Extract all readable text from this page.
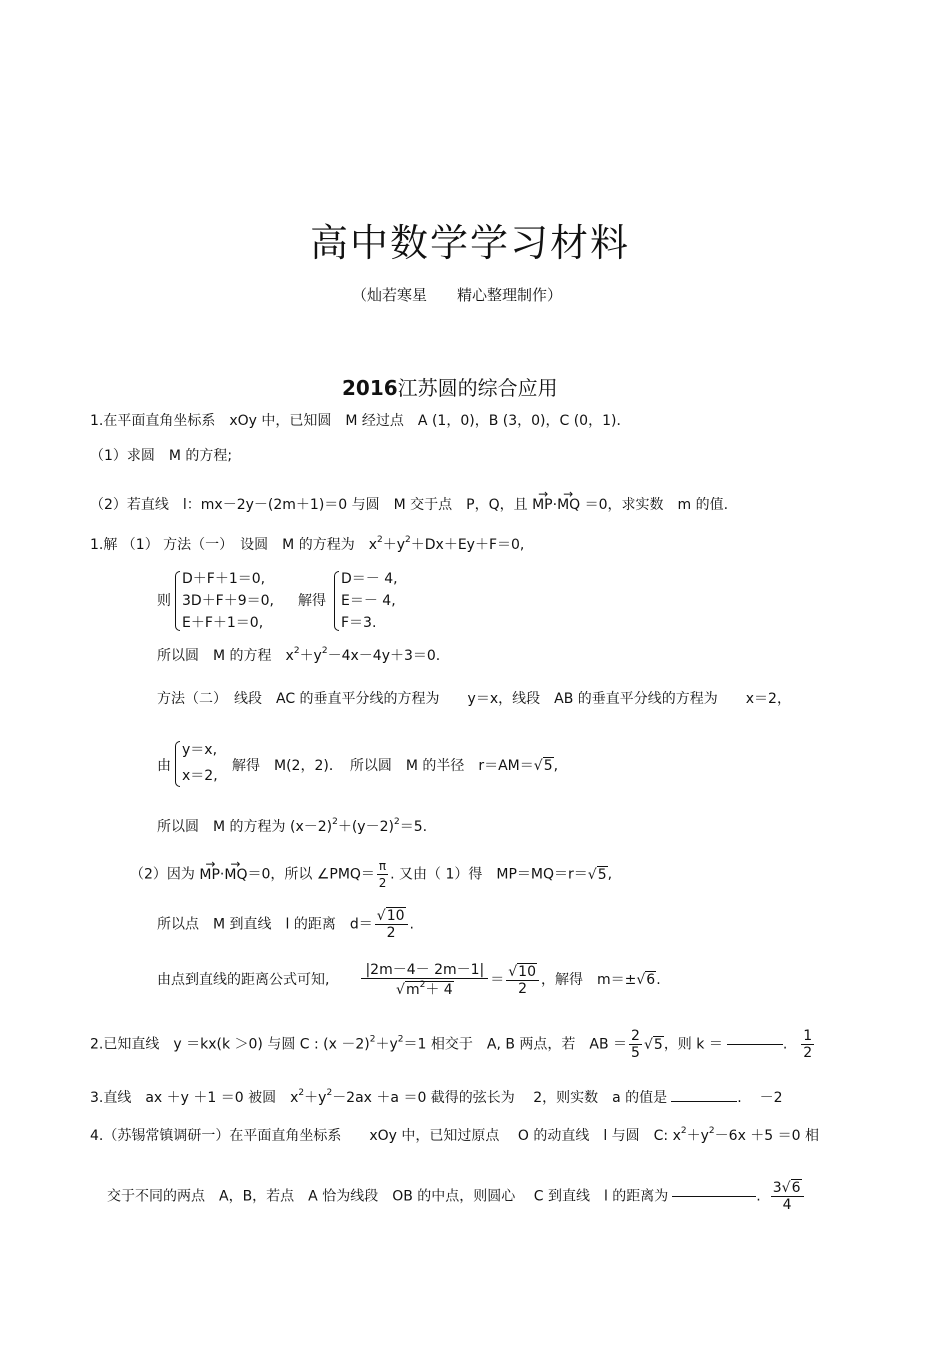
高中数学学习材料
（灿若寒星　　精心整理制作）
2016江苏圆的综合应用
1.在平面直角坐标系　xOy 中，已知圆　M 经过点　A (1，0)，B (3，0)，C (0，1)．
（1）求圆　M 的方程;
（2）若直线　l：mx－2y－(2m＋1)＝0 与圆　M 交于点　P，Q，且
→
MP·
→
MQ ＝0，求实数　m 的值.
1.解 （1） 方法（一）　设圆　M 的方程为　$x^2+y^2+Dx+Ey+F=0$,
则
D＋F＋1＝0,
3D＋F＋9＝0,
E＋F＋1＝0,
解得
D＝－ 4,
E＝－ 4,
F＝3.
所以圆　M 的方程　$x^2+y^2-4x-4y+3=0$.
方法（二）　线段　AC 的垂直平分线的方程为　　y＝x，线段　AB 的垂直平分线的方程为　　x＝2，
由
y＝x,
x＝2,
解得　M(2，2)．　所以圆　M 的半径　r＝AM＝√5,
所以圆　M 的方程为 $(x-2)^2+(y-2)^2=5$.
（2）因为
→
MP·
→
MQ＝0，所以 ∠PMQ＝ $\frac{\pi}{2}$ . 又由（ 1）得　MP＝MQ＝r＝√5,
所以点　M 到直线　l 的距离　$d= \frac{√10}{2}$ .
由点到直线的距离公式可知, $\frac{|2m-4- 2m-1|}{√m^2+ 4} = \frac{√10}{2}$ ，解得　m＝±√6.
2.已知直线　y ＝kx(k ＞0) 与圆 C : $(x -2)^2+y^2=1$ 相交于　A, B 两点，若　AB ＝ $\frac{2}{5} √5$，则 k ＝	. $\frac{1}{2}$
3.直线　ax ＋y ＋1 ＝0 被圆　$x^2+y^2-2ax +a =0$ 截得的弦长为　 2，则实数　a 的值是	. －2
4.（苏锡常镇调研一）在平面直角坐标系　　xOy 中，已知过原点　 O 的动直线　l 与圆　C: $x^2+y^2-6x +5 =0$ 相
交于不同的两点　A，B，若点　A 恰为线段　OB 的中点，则圆心　 C 到直线　l 的距离为	. $\frac{3√6}{4}$
